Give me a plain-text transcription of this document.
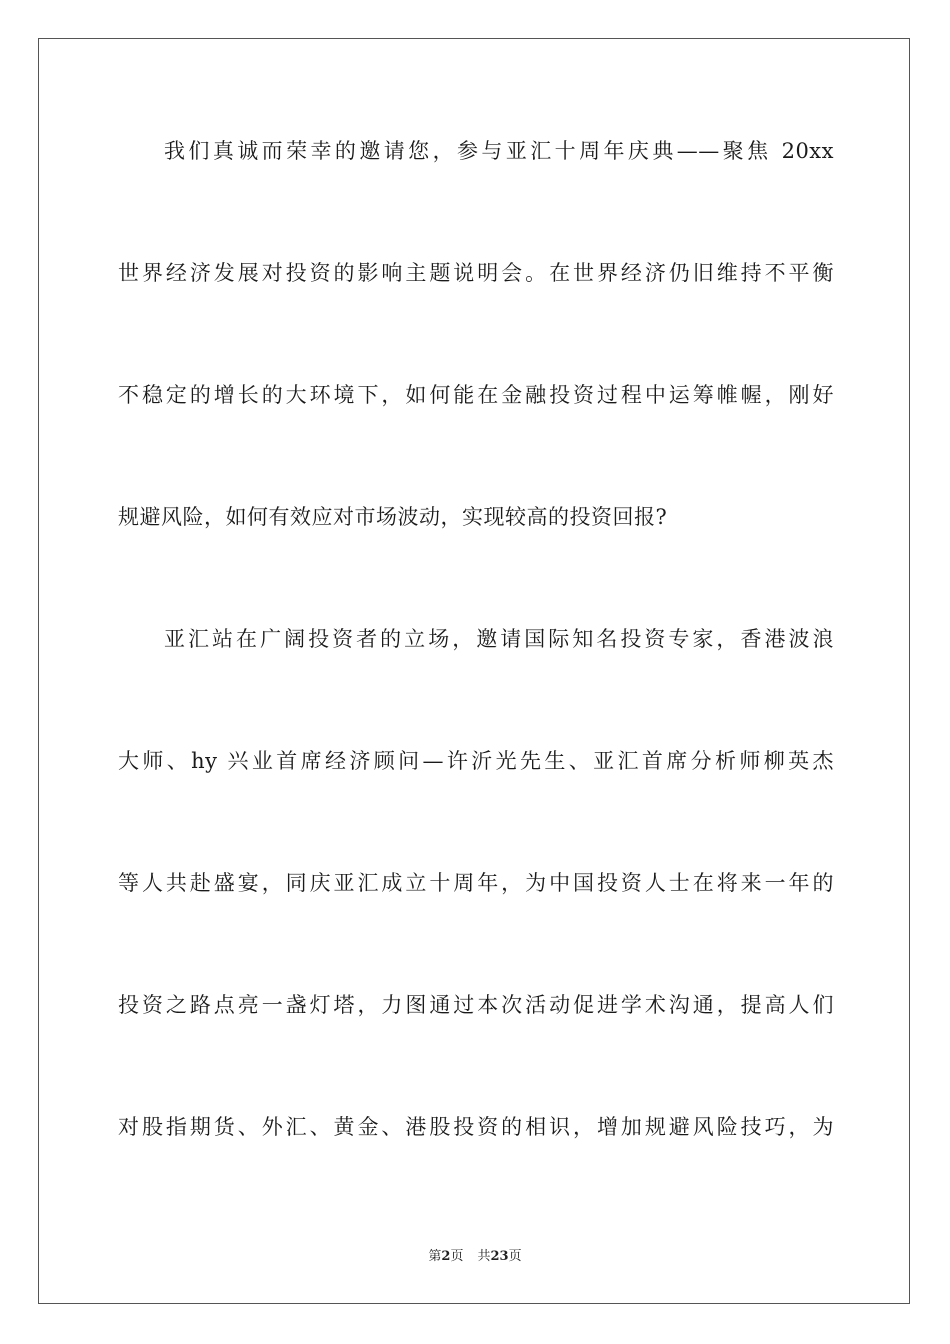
我们真诚而荣幸的邀请您，参与亚汇十周年庆典——聚焦 20xx
世界经济发展对投资的影响主题说明会。在世界经济仍旧维持不平衡
不稳定的增长的大环境下，如何能在金融投资过程中运筹帷幄，刚好
规避风险，如何有效应对市场波动，实现较高的投资回报?
亚汇站在广阔投资者的立场，邀请国际知名投资专家，香港波浪
大师、hy 兴业首席经济顾问—许沂光先生、亚汇首席分析师柳英杰
等人共赴盛宴，同庆亚汇成立十周年，为中国投资人士在将来一年的
投资之路点亮一盏灯塔，力图通过本次活动促进学术沟通，提高人们
对股指期货、外汇、黄金、港股投资的相识，增加规避风险技巧，为
第2页 共23页
